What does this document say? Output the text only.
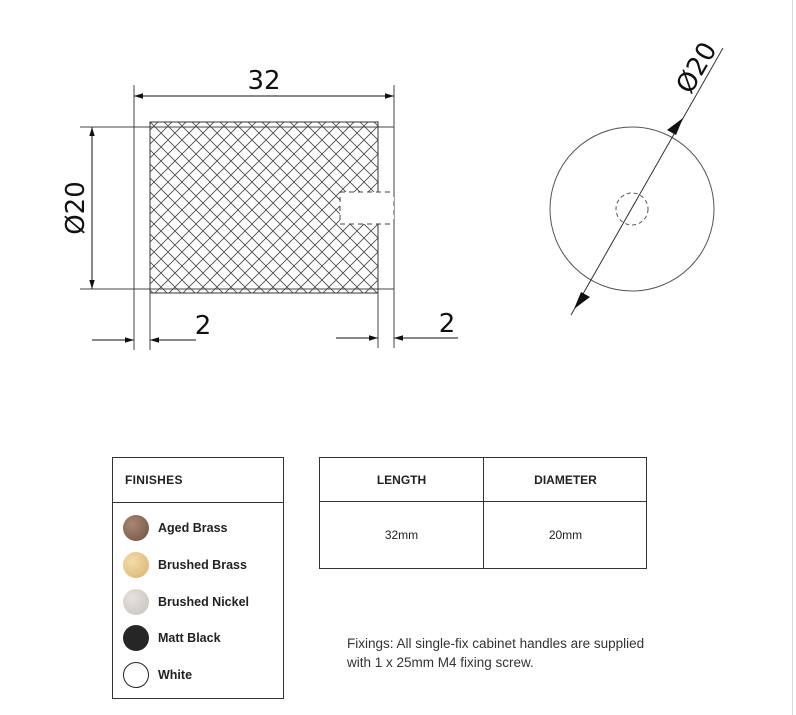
32
Ø20
2	2
Ø20
FINISHES
Aged Brass
Brushed Brass
Brushed Nickel
Matt Black
White
LENGTH	DIAMETER
32mm	20mm
Fixings: All single-fix cabinet handles are supplied with 1 x 25mm M4 fixing screw.
